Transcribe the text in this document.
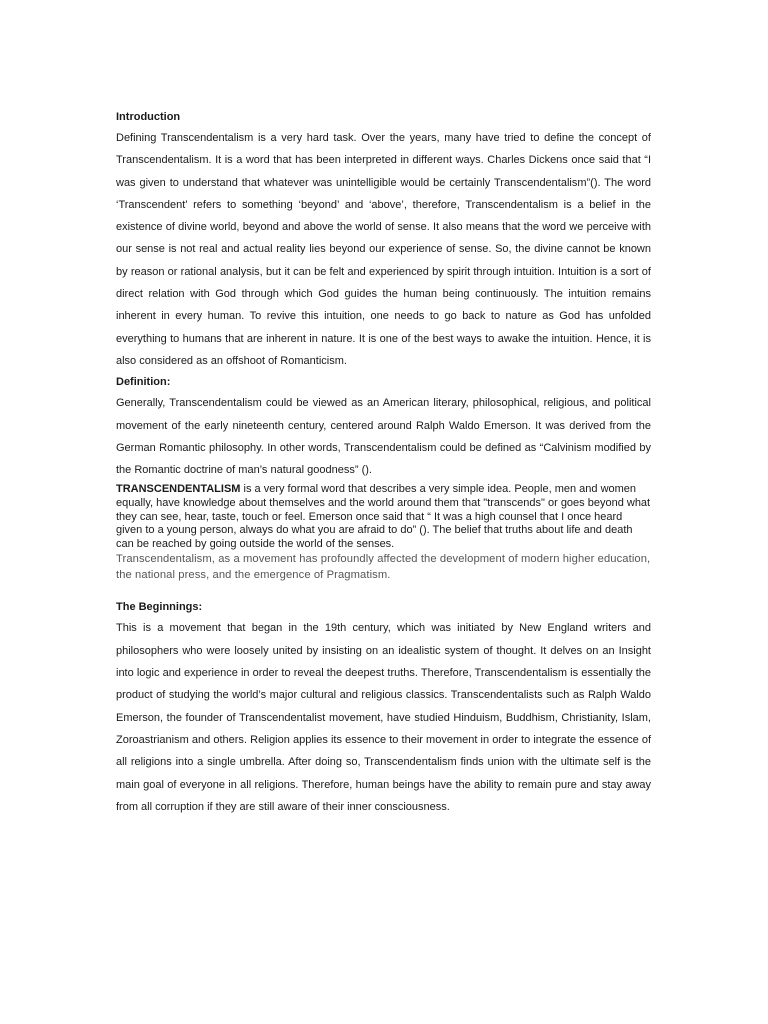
Introduction

Defining Transcendentalism is a very hard task. Over the years, many have tried to define the concept of Transcendentalism. It is a word that has been interpreted in different ways. Charles Dickens once said that “I was given to understand that whatever was unintelligible would be certainly Transcendentalism”(). The word ‘Transcendent’ refers to something ‘beyond’ and ‘above’, therefore, Transcendentalism is a belief in the existence of divine world, beyond and above the world of sense. It also means that the word we perceive with our sense is not real and actual reality lies beyond our experience of sense. So, the divine cannot be known by reason or rational analysis, but it can be felt and experienced by spirit through intuition. Intuition is a sort of direct relation with God through which God guides the human being continuously. The intuition remains inherent in every human. To revive this intuition, one needs to go back to nature as God has unfolded everything to humans that are inherent in nature. It is one of the best ways to awake the intuition. Hence, it is also considered as an offshoot of Romanticism.

Definition:

Generally, Transcendentalism could be viewed as an American literary, philosophical, religious, and political movement of the early nineteenth century, centered around Ralph Waldo Emerson. It was derived from the German Romantic philosophy. In other words, Transcendentalism could be defined as “Calvinism modified by the Romantic doctrine of man’s natural goodness” ().

TRANSCENDENTALISM is a very formal word that describes a very simple idea. People, men and women equally, have knowledge about themselves and the world around them that "transcends" or goes beyond what they can see, hear, taste, touch or feel. Emerson once said that “ It was a high counsel that I once heard given to a young person, always do what you are afraid to do” (). The belief that truths about life and death can be reached by going outside the world of the senses.

Transcendentalism, as a movement has profoundly affected the development of modern higher education, the national press, and the emergence of Pragmatism.

The Beginnings:

This is a movement that began in the 19th century, which was initiated by New England writers and philosophers who were loosely united by insisting on an idealistic system of thought. It delves on an Insight into logic and experience in order to reveal the deepest truths. Therefore, Transcendentalism is essentially the product of studying the world’s major cultural and religious classics. Transcendentalists such as Ralph Waldo Emerson, the founder of Transcendentalist movement, have studied Hinduism, Buddhism, Christianity, Islam, Zoroastrianism and others. Religion applies its essence to their movement in order to integrate the essence of all religions into a single umbrella. After doing so, Transcendentalism finds union with the ultimate self is the main goal of everyone in all religions. Therefore, human beings have the ability to remain pure and stay away from all corruption if they are still aware of their inner consciousness.
